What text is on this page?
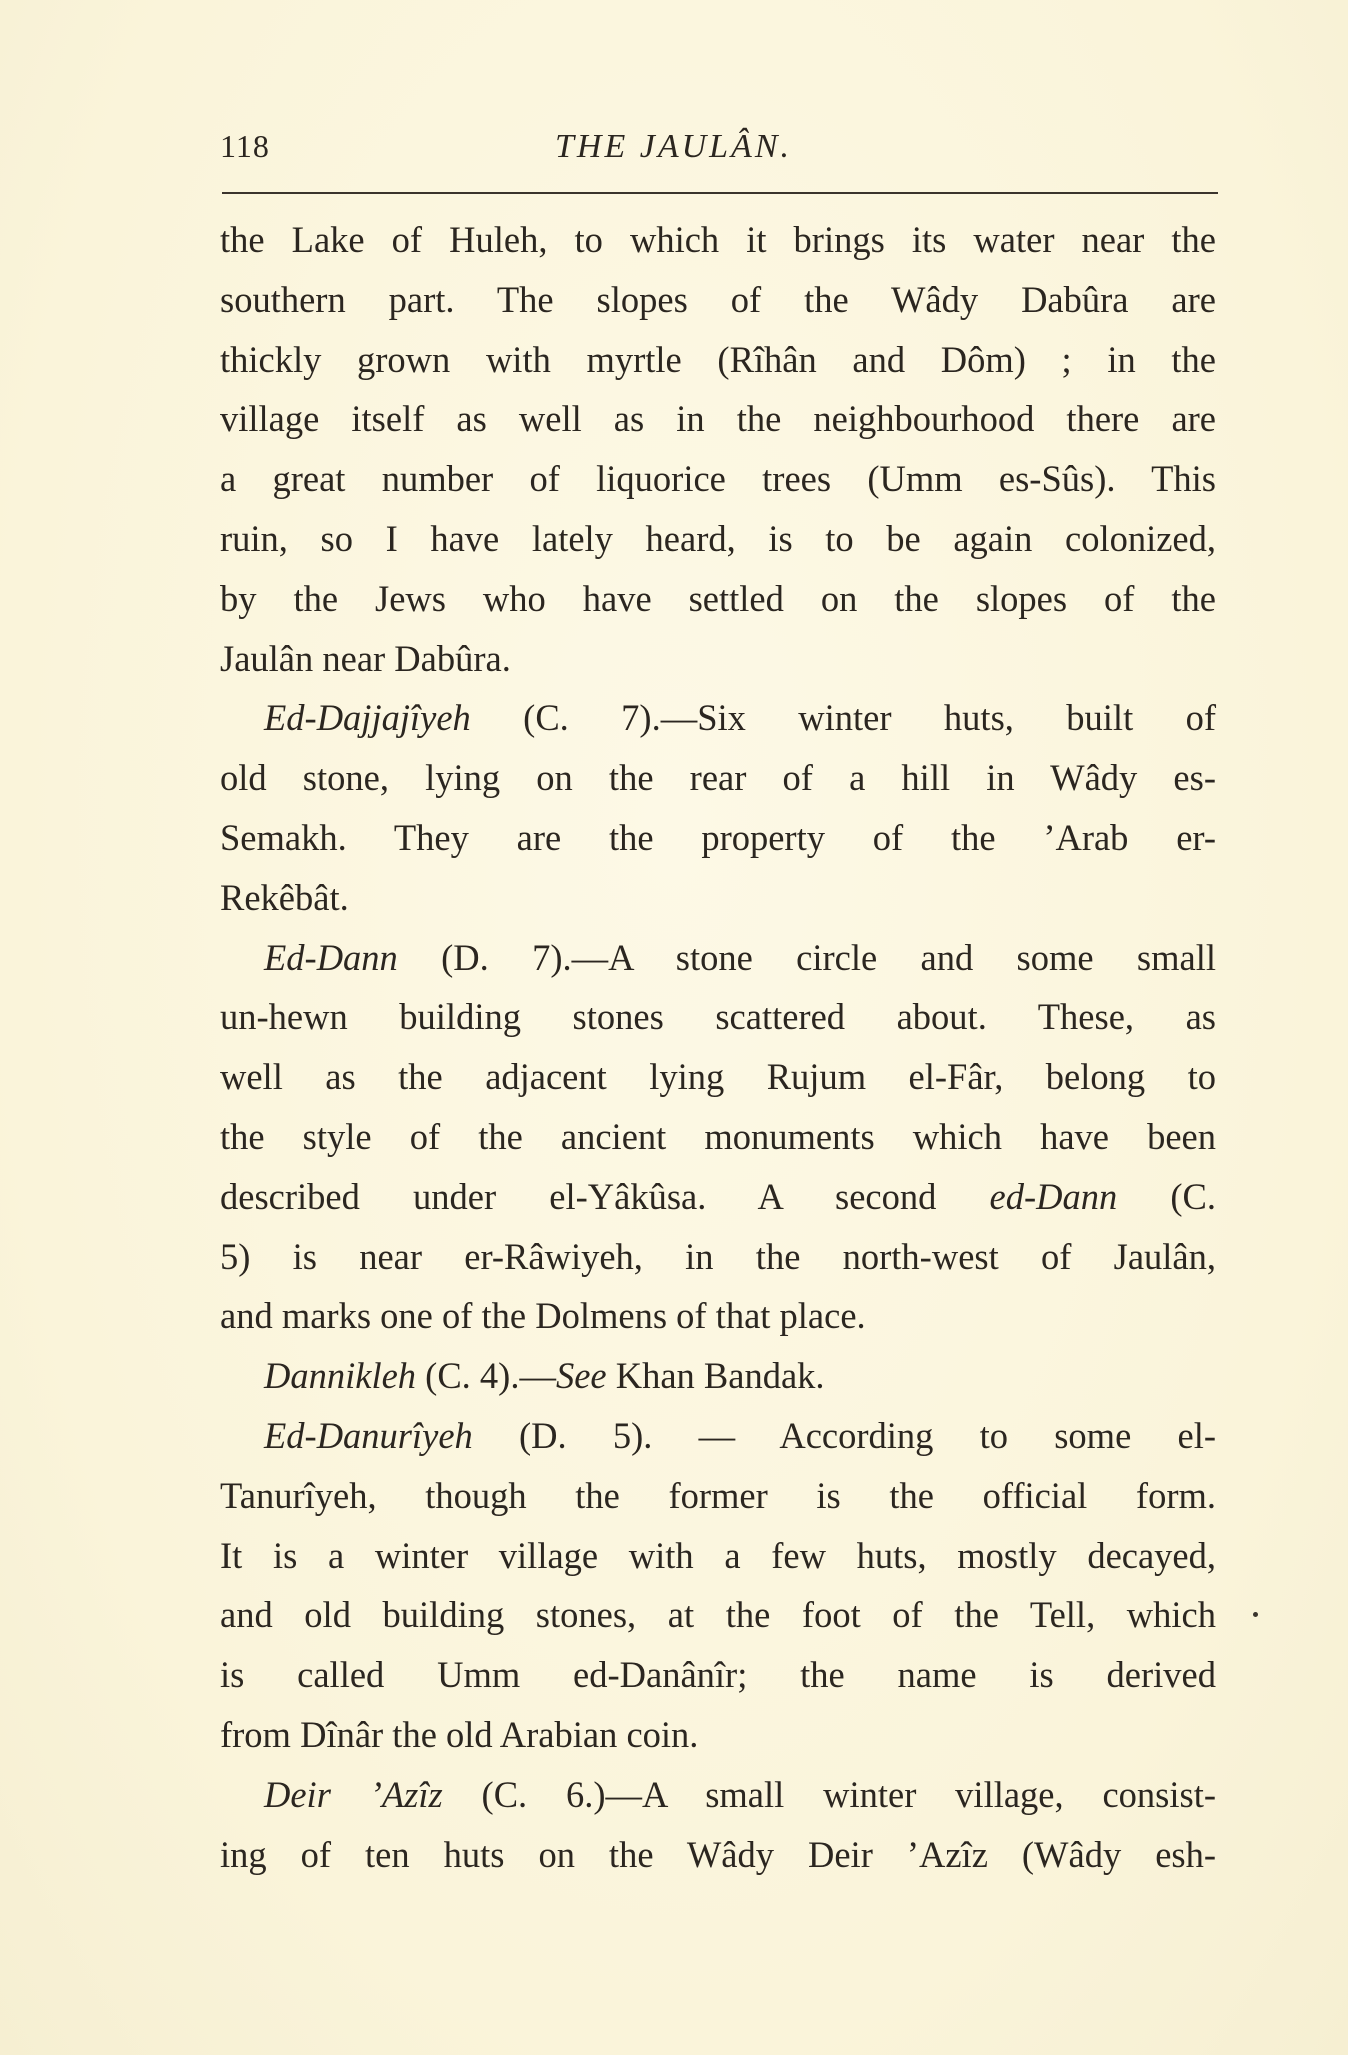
118	THE JAULÂN.
the Lake of Huleh, to which it brings its water near the
southern part. The slopes of the Wâdy Dabûra are
thickly grown with myrtle (Rîhân and Dôm) ; in the
village itself as well as in the neighbourhood there are
a great number of liquorice trees (Umm es-Sûs). This
ruin, so I have lately heard, is to be again colonized,
by the Jews who have settled on the slopes of the
Jaulân near Dabûra.
Ed-Dajjajîyeh (C. 7).—Six winter huts, built of
old stone, lying on the rear of a hill in Wâdy es-
Semakh. They are the property of the ’Arab er-
Rekêbât.
Ed-Dann (D. 7).—A stone circle and some small
un-hewn building stones scattered about. These, as
well as the adjacent lying Rujum el-Fâr, belong to
the style of the ancient monuments which have been
described under el-Yâkûsa. A second ed-Dann (C.
5) is near er-Râwiyeh, in the north-west of Jaulân,
and marks one of the Dolmens of that place.
Dannikleh (C. 4).—See Khan Bandak.
Ed-Danurîyeh (D. 5). — According to some el-
Tanurîyeh, though the former is the official form.
It is a winter village with a few huts, mostly decayed,
and old building stones, at the foot of the Tell, which
is called Umm ed-Danânîr; the name is derived
from Dînâr the old Arabian coin.
Deir ’Azîz (C. 6.)—A small winter village, consist-
ing of ten huts on the Wâdy Deir ’Azîz (Wâdy esh-
